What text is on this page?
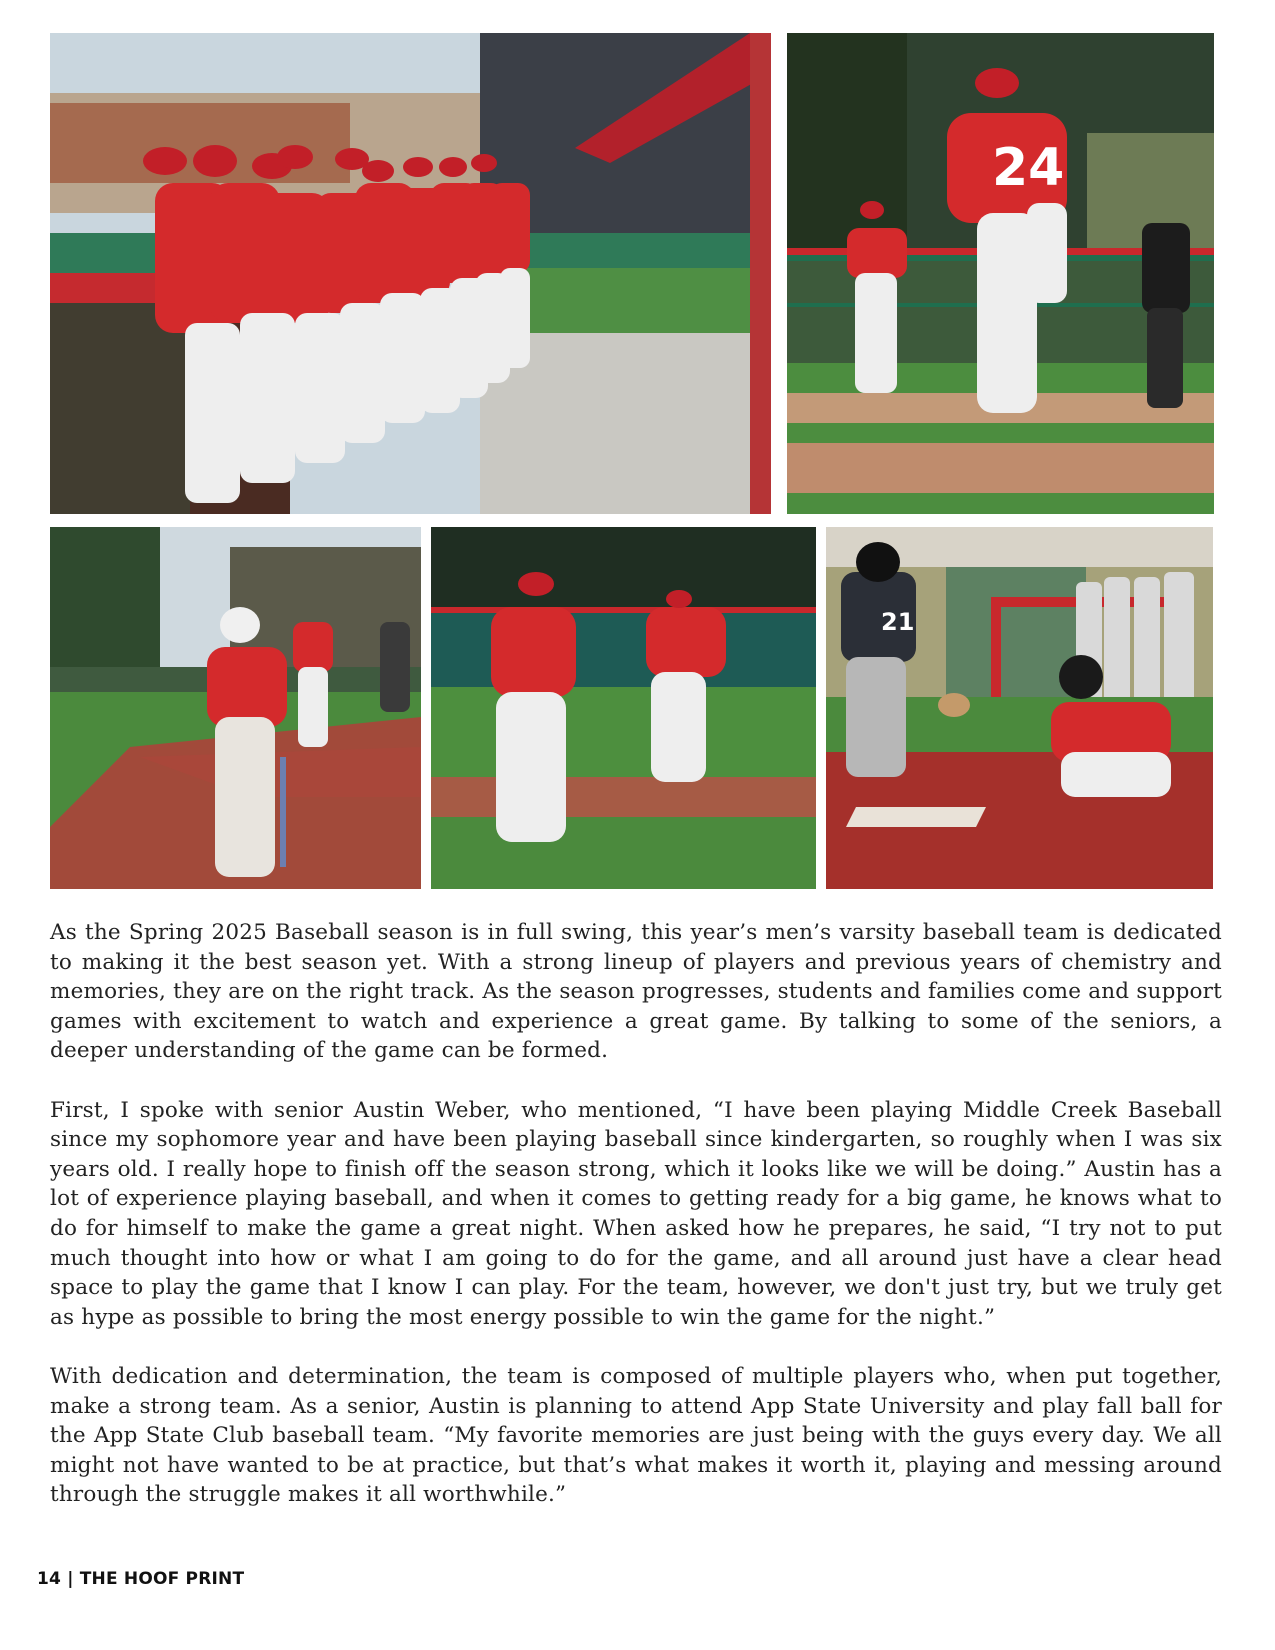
24
21

As the Spring 2025 Baseball season is in full swing, this year’s men’s varsity baseball team is dedicated to making it the best season yet. With a strong lineup of players and previous years of chemistry and memories, they are on the right track. As the season progresses, students and families come and support games with excitement to watch and experience a great game. By talking to some of the seniors, a deeper understanding of the game can be formed.

First, I spoke with senior Austin Weber, who mentioned, “I have been playing Middle Creek Baseball since my sophomore year and have been playing baseball since kindergarten, so roughly when I was six years old. I really hope to finish off the season strong, which it looks like we will be doing.” Austin has a lot of experience playing baseball, and when it comes to getting ready for a big game, he knows what to do for himself to make the game a great night. When asked how he prepares, he said, “I try not to put much thought into how or what I am going to do for the game, and all around just have a clear head space to play the game that I know I can play. For the team, however, we don't just try, but we truly get as hype as possible to bring the most energy possible to win the game for the night.”

With dedication and determination, the team is composed of multiple players who, when put together, make a strong team. As a senior, Austin is planning to attend App State University and play fall ball for the App State Club baseball team. “My favorite memories are just being with the guys every day. We all might not have wanted to be at practice, but that’s what makes it worth it, playing and messing around through the struggle makes it all worthwhile.”

14 | THE HOOF PRINT
